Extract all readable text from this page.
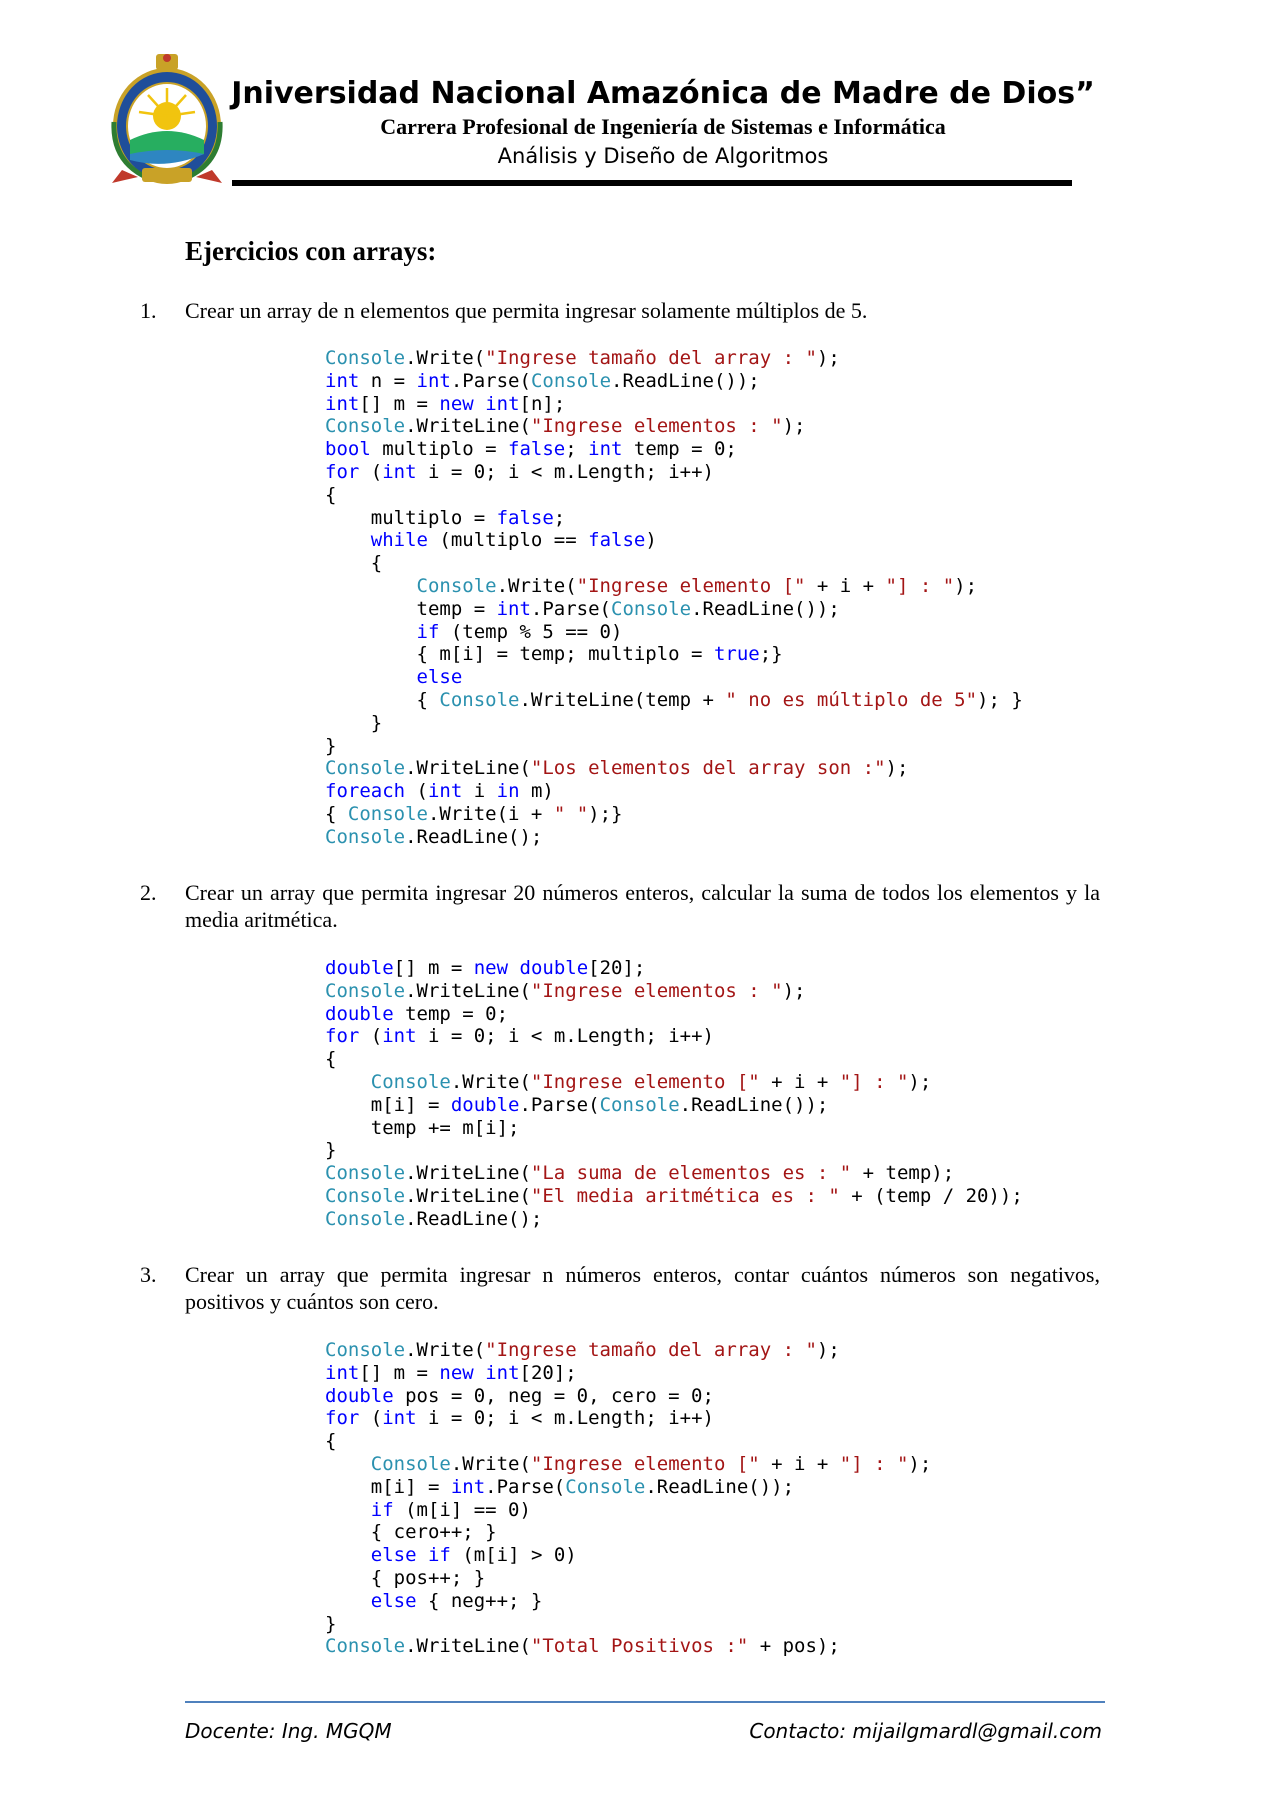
Jniversidad Nacional Amazónica de Madre de Dios”
Carrera Profesional de Ingeniería de Sistemas e Informática
Análisis y Diseño de Algoritmos
Ejercicios con arrays:
1.	Crear un array de n elementos que permita ingresar solamente múltiplos de 5.
Console.Write("Ingrese tamaño del array : ");
int n = int.Parse(Console.ReadLine());
int[] m = new int[n];
Console.WriteLine("Ingrese elementos : ");
bool multiplo = false; int temp = 0;
for (int i = 0; i < m.Length; i++)
{
multiplo = false;
while (multiplo == false)
{
Console.Write("Ingrese elemento [" + i + "] : ");
temp = int.Parse(Console.ReadLine());
if (temp % 5 == 0)
{ m[i] = temp; multiplo = true;}
else
{ Console.WriteLine(temp + " no es múltiplo de 5"); }
}
}
Console.WriteLine("Los elementos del array son :");
foreach (int i in m)
{ Console.Write(i + " ");}
Console.ReadLine();
2.	Crear un array que permita ingresar 20 números enteros, calcular la suma de todos los elementos y la media aritmética.
double[] m = new double[20];
Console.WriteLine("Ingrese elementos : ");
double temp = 0;
for (int i = 0; i < m.Length; i++)
{
Console.Write("Ingrese elemento [" + i + "] : ");
m[i] = double.Parse(Console.ReadLine());
temp += m[i];
}
Console.WriteLine("La suma de elementos es : " + temp);
Console.WriteLine("El media aritmética es : " + (temp / 20));
Console.ReadLine();
3.	Crear un array que permita ingresar n números enteros, contar cuántos números son negativos, positivos y cuántos son cero.
Console.Write("Ingrese tamaño del array : ");
int[] m = new int[20];
double pos = 0, neg = 0, cero = 0;
for (int i = 0; i < m.Length; i++)
{
Console.Write("Ingrese elemento [" + i + "] : ");
m[i] = int.Parse(Console.ReadLine());
if (m[i] == 0)
{ cero++; }
else if (m[i] > 0)
{ pos++; }
else { neg++; }
}
Console.WriteLine("Total Positivos :" + pos);
Docente: Ing. MGQM	Contacto: mijailgmardl@gmail.com
